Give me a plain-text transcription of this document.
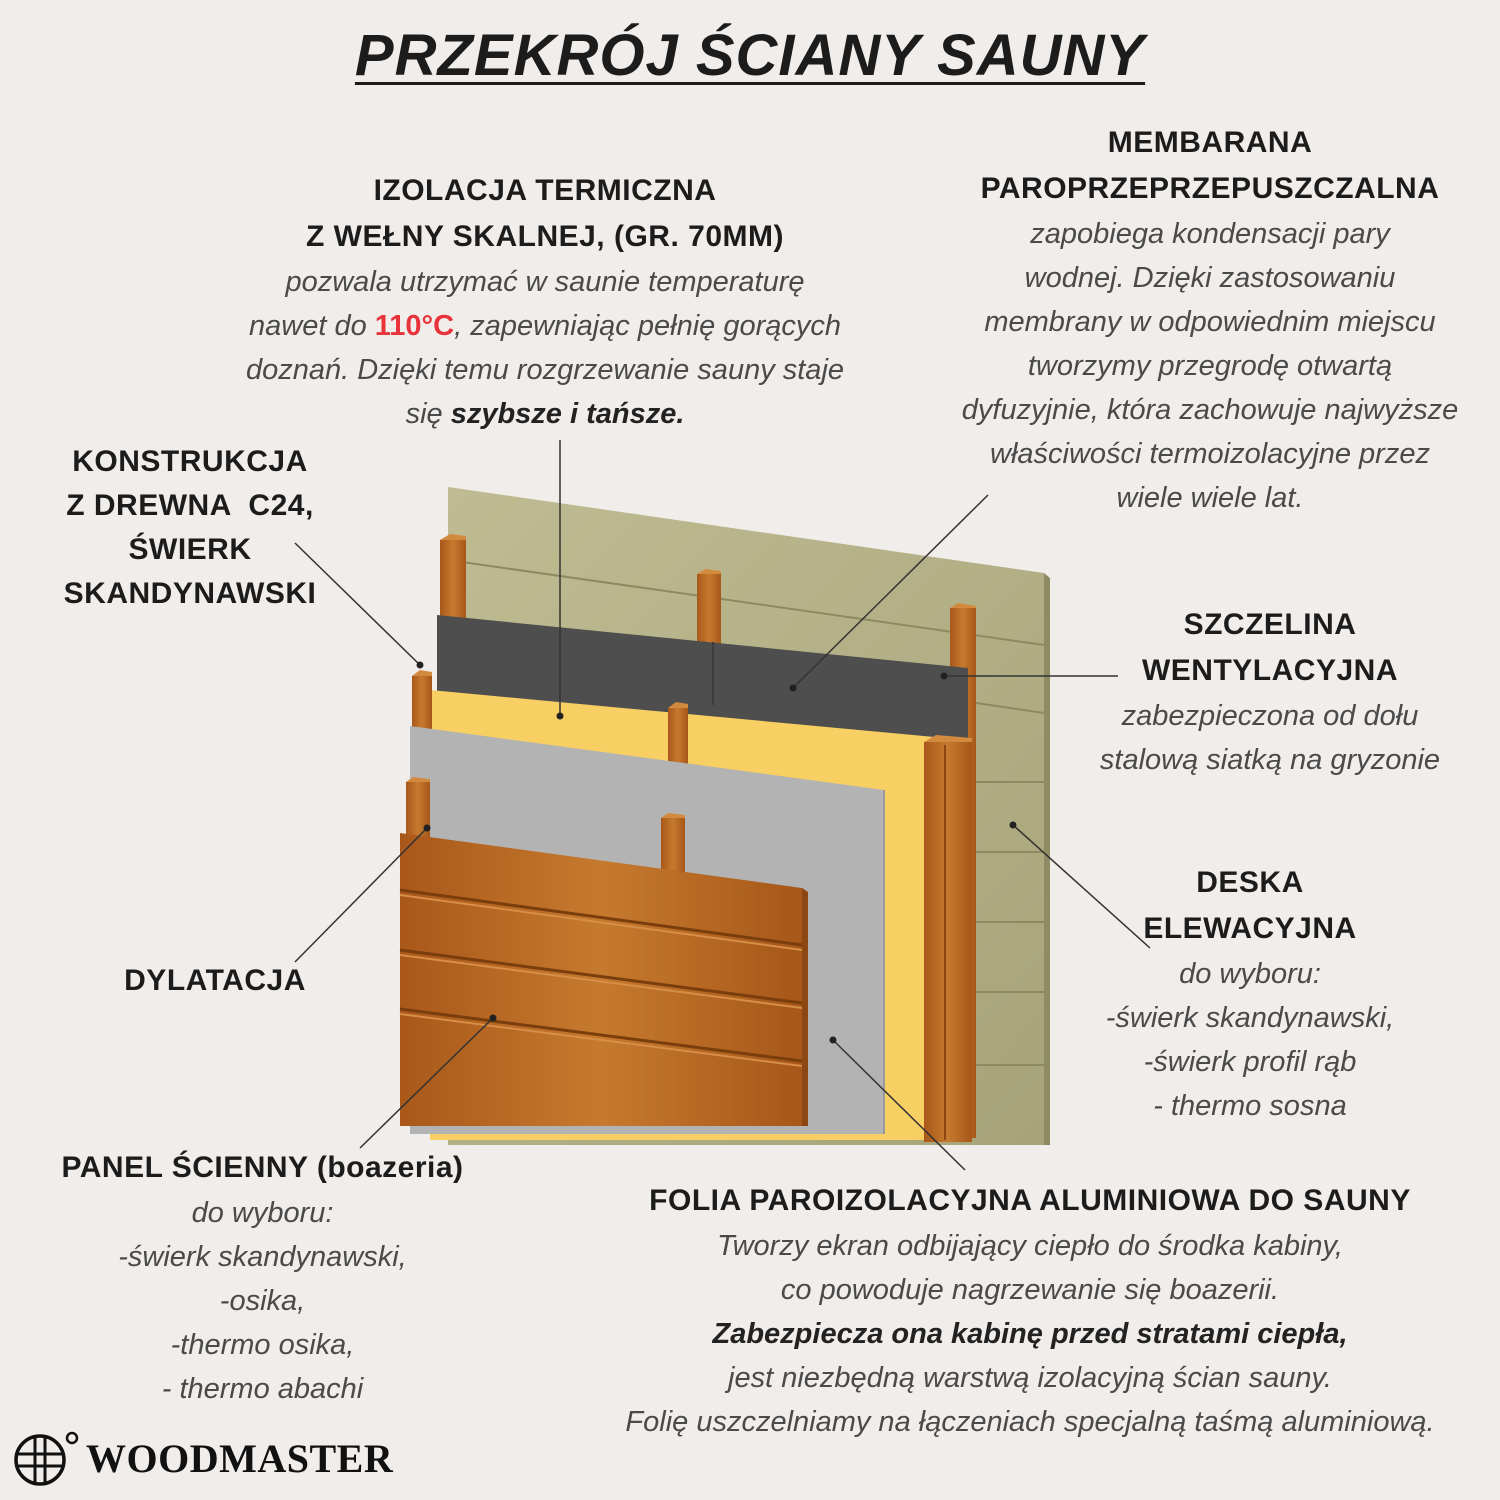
PRZEKRÓJ ŚCIANY SAUNY
IZOLACJA TERMICZNA
Z WEŁNY SKALNEJ, (GR. 70MM)
pozwala utrzymać w saunie temperaturę
nawet do 110°C, zapewniając pełnię gorących
doznań. Dzięki temu rozgrzewanie sauny staje
się szybsze i tańsze.
MEMBARANA
PAROPRZEPRZEPUSZCZALNA
zapobiega kondensacji pary
wodnej. Dzięki zastosowaniu
membrany w odpowiednim miejscu
tworzymy przegrodę otwartą
dyfuzyjnie, która zachowuje najwyższe
właściwości termoizolacyjne przez
wiele wiele lat.
KONSTRUKCJA
Z DREWNA  C24,
ŚWIERK
SKANDYNAWSKI
SZCZELINA
WENTYLACYJNA
zabezpieczona od dołu
stalową siatką na gryzonie
DESKA
ELEWACYJNA
do wyboru:
-świerk skandynawski,
-świerk profil rąb
- thermo sosna
DYLATACJA
PANEL ŚCIENNY (boazeria)
do wyboru:
-świerk skandynawski,
-osika,
-thermo osika,
- thermo abachi
FOLIA PAROIZOLACYJNA ALUMINIOWA DO SAUNY
Tworzy ekran odbijający ciepło do środka kabiny,
co powoduje nagrzewanie się boazerii.
Zabezpiecza ona kabinę przed stratami ciepła,
jest niezbędną warstwą izolacyjną ścian sauny.
Folię uszczelniamy na łączeniach specjalną taśmą aluminiową.
WOODMASTER
